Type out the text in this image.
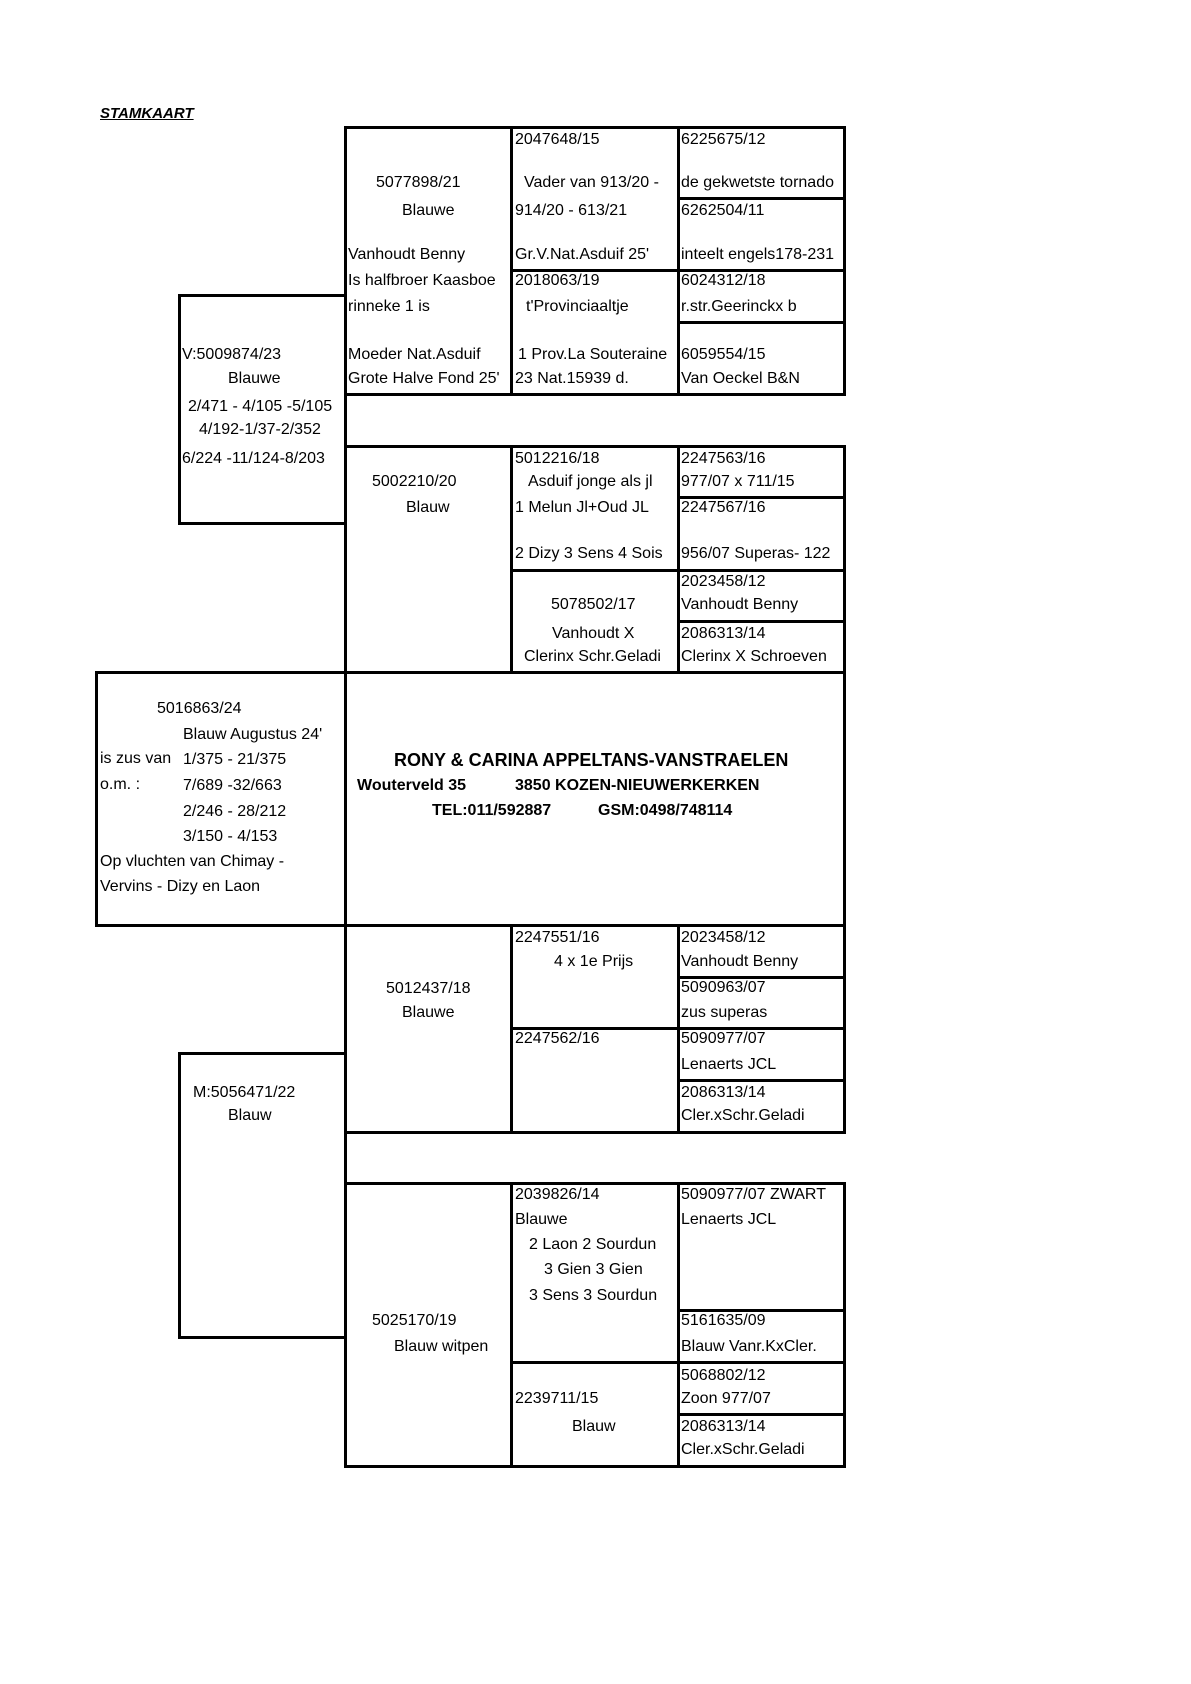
STAMKAART
5016863/24
Blauw Augustus 24'
is zus van 1/375 - 21/375
o.m. :	7/689 -32/663
2/246 - 28/212
3/150 - 4/153
Op vluchten van Chimay -
Vervins - Dizy en Laon
RONY & CARINA APPELTANS-VANSTRAELEN
Wouterveld 35	3850 KOZEN-NIEUWERKERKEN
TEL:011/592887	GSM:0498/748114
V:5009874/23
Blauwe
2/471 - 4/105 -5/105
4/192-1/37-2/352
6/224 -11/124-8/203
M:5056471/22
Blauw
5077898/21
Blauwe
Vanhoudt Benny
Is halfbroer Kaasboe
rinneke 1 is
Moeder Nat.Asduif
Grote Halve Fond 25'
5002210/20
Blauw
5012437/18
Blauwe
5025170/19
Blauw witpen
2047648/15
Vader van 913/20 -
914/20 - 613/21
Gr.V.Nat.Asduif 25'
2018063/19
t'Provinciaaltje
1 Prov.La Souteraine
23 Nat.15939 d.
5012216/18
Asduif jonge als jl
1 Melun Jl+Oud JL
2 Dizy 3 Sens 4 Sois
5078502/17
Vanhoudt X
Clerinx Schr.Geladi
2247551/16
4 x 1e Prijs
2247562/16
2039826/14
Blauwe
2 Laon 2 Sourdun
3 Gien 3 Gien
3 Sens 3 Sourdun
2239711/15
Blauw
6225675/12
de gekwetste tornado
6262504/11
inteelt engels178-231
6024312/18
r.str.Geerinckx b
6059554/15
Van Oeckel B&N
2247563/16
977/07 x 711/15
2247567/16
956/07 Superas- 122
2023458/12
Vanhoudt Benny
2086313/14
Clerinx X Schroeven
2023458/12
Vanhoudt Benny
5090963/07
zus superas
5090977/07
Lenaerts JCL
2086313/14
Cler.xSchr.Geladi
5090977/07 ZWART
Lenaerts JCL
5161635/09
Blauw Vanr.KxCler.
5068802/12
Zoon 977/07
2086313/14
Cler.xSchr.Geladi
